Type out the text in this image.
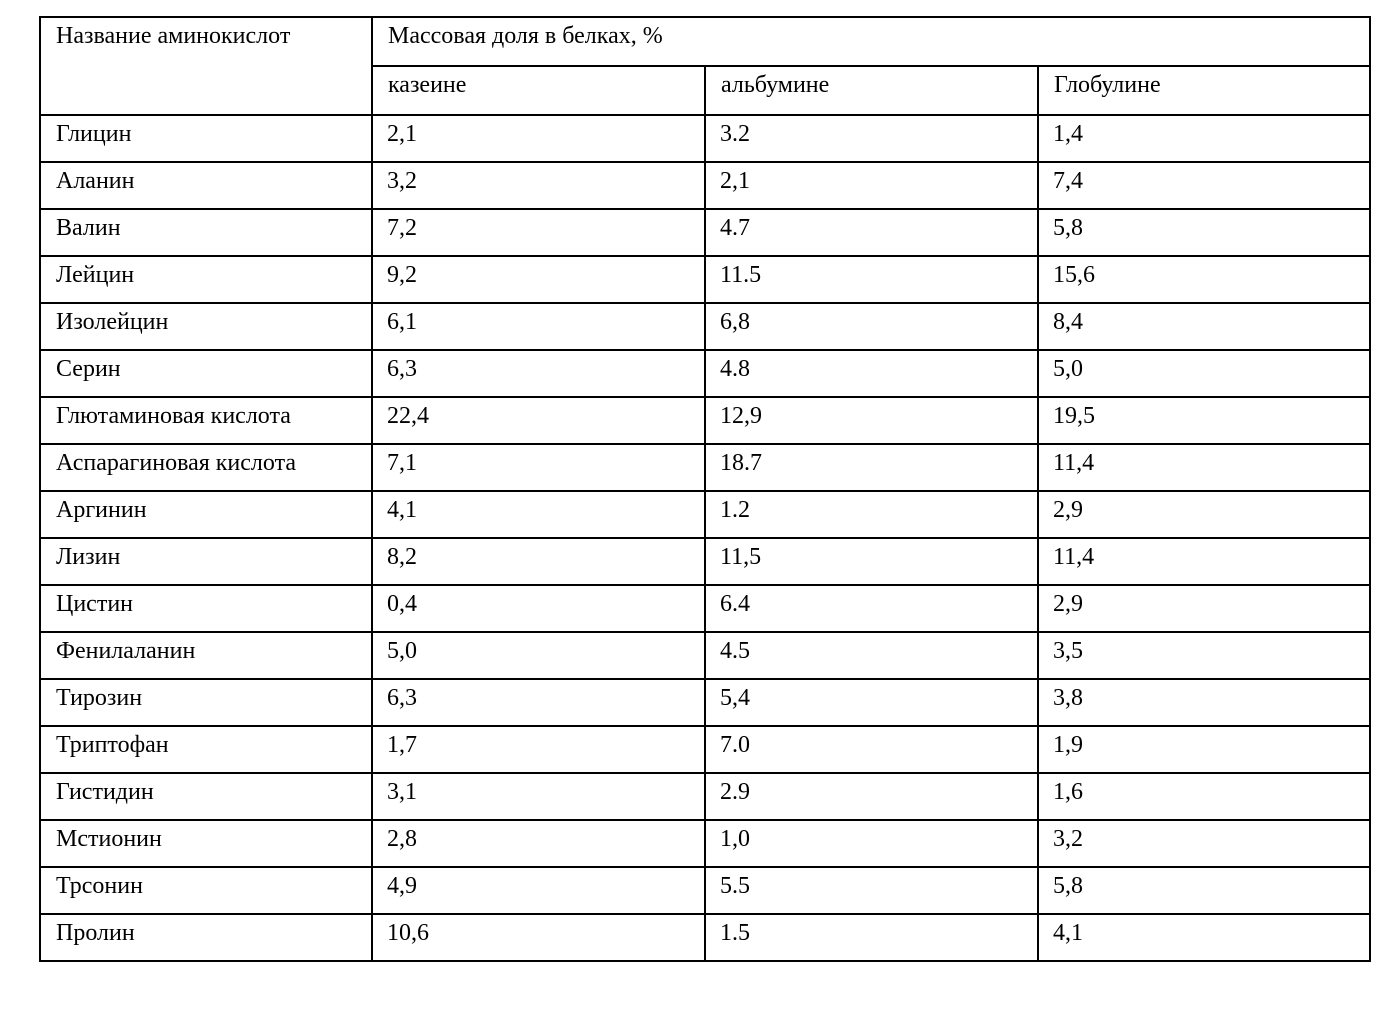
Название аминокислот	Массовая доля в белках, %		
	казеине	альбумине	Глобулине
Глицин	2,1	3.2	1,4
Аланин	3,2	2,1	7,4
Валин	7,2	4.7	5,8
Лейцин	9,2	11.5	15,6
Изолейцин	6,1	6,8	8,4
Серин	6,3	4.8	5,0
Глютаминовая кислота	22,4	12,9	19,5
Аспарагиновая кислота	7,1	18.7	11,4
Аргинин	4,1	1.2	2,9
Лизин	8,2	11,5	11,4
Цистин	0,4	6.4	2,9
Фенилаланин	5,0	4.5	3,5
Тирозин	6,3	5,4	3,8
Триптофан	1,7	7.0	1,9
Гистидин	3,1	2.9	1,6
Мстионин	2,8	1,0	3,2
Трсонин	4,9	5.5	5,8
Пролин	10,6	1.5	4,1
